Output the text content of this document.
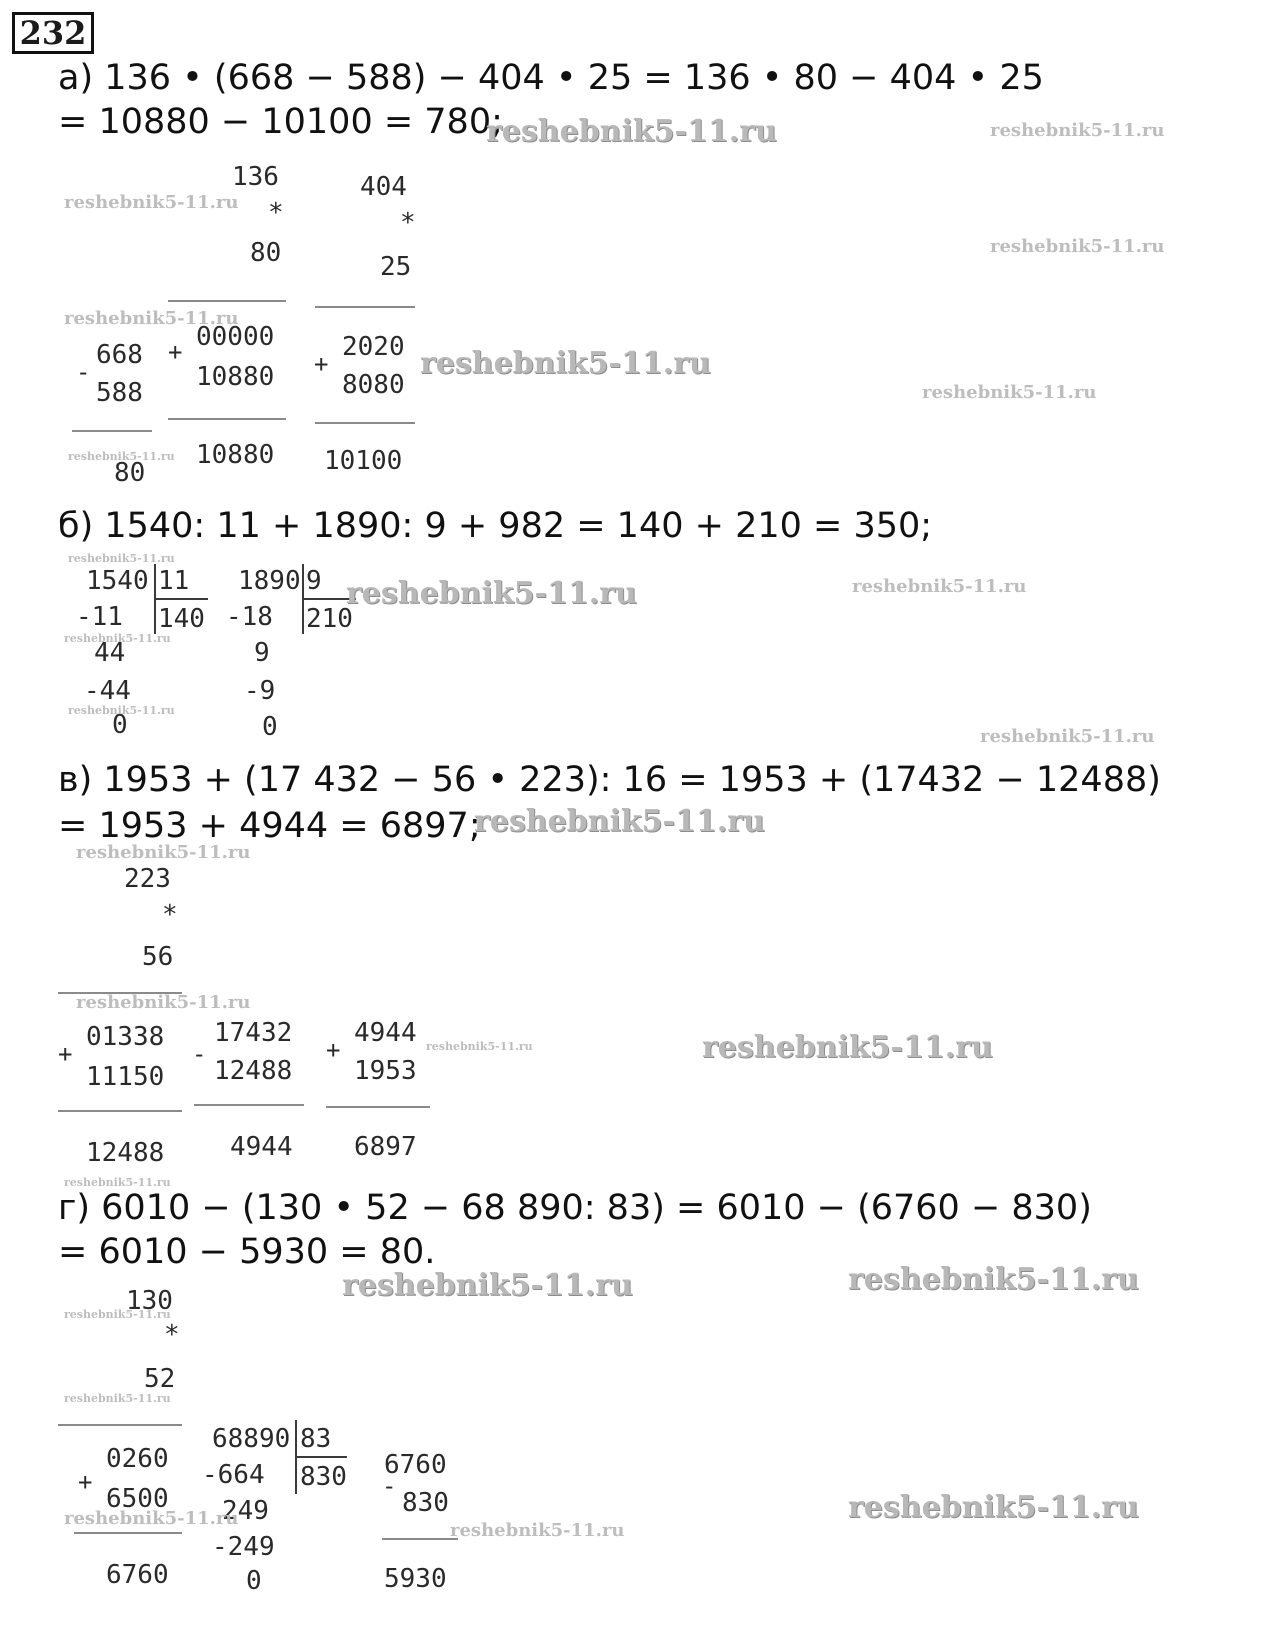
232
а) 136 • (668 − 588) − 404 • 25 = 136 • 80 − 404 • 25
= 10880 − 10100 = 780;
136
*
80
+ 00000
10880
10880
404
*
25
+
2020
8080
10100
668
-
588
80
б) 1540: 11 + 1890: 9 + 982 = 140 + 210 = 350;
1540 11
140
-11
44
-44
0
1890 9
210
-18
9
-9
0
в) 1953 + (17 432 − 56 • 223): 16 = 1953 + (17432 − 12488)
= 1953 + 4944 = 6897;
223
*
56
+
01338
11150
12488
-
17432
12488
4944
+
4944
1953
6897
г) 6010 − (130 • 52 − 68 890: 83) = 6010 − (6760 − 830)
= 6010 − 5930 = 80.
130
*
52
+
0260
6500
6760
68890 83
830
-664
249
-249
0
6760
-
830
5930
reshebnik5-11.ru	reshebnik5-11.ru
reshebnik5-11.ru
reshebnik5-11.ru
reshebnik5-11.ru
reshebnik5-11.ru
reshebnik5-11.ru
reshebnik5-11.ru
reshebnik5-11.ru
reshebnik5-11.ru	reshebnik5-11.ru
reshebnik5-11.ru
reshebnik5-11.ru
reshebnik5-11.ru
reshebnik5-11.ru
reshebnik5-11.ru
reshebnik5-11.ru
reshebnik5-11.ru	reshebnik5-11.ru
reshebnik5-11.ru
reshebnik5-11.ru	reshebnik5-11.ru
reshebnik5-11.ru
reshebnik5-11.ru
reshebnik5-11.ru
reshebnik5-11.ru
reshebnik5-11.ru
